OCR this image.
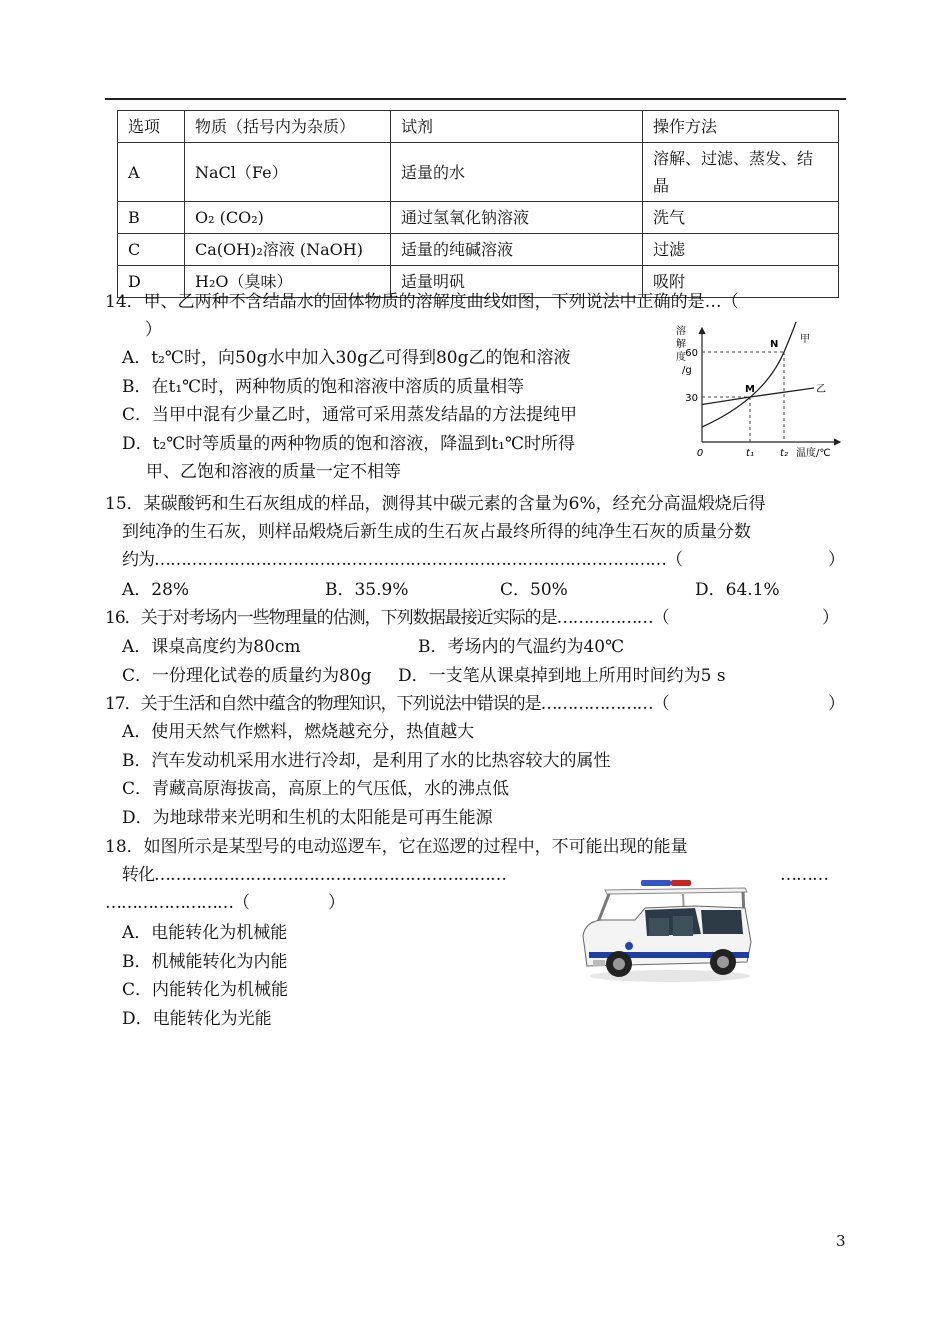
选项	物质（括号内为杂质）	试剂	操作方法
A	NaCl（Fe）	适量的水	溶解、过滤、蒸发、结晶
B	O₂ (CO₂)	通过氢氧化钠溶液	洗气
C	Ca(OH)₂溶液 (NaOH)	适量的纯碱溶液	过滤
D	H₂O（臭味）	适量明矾	吸附
14．甲、乙两种不含结晶水的固体物质的溶解度曲线如图，下列说法中正确的是…（
）
A．t₂℃时，向50g水中加入30g乙可得到80g乙的饱和溶液
B．在t₁℃时，两种物质的饱和溶液中溶质的质量相等
C．当甲中混有少量乙时，通常可采用蒸发结晶的方法提纯甲
D．t₂℃时等质量的两种物质的饱和溶液，降温到t₁℃时所得
甲、乙饱和溶液的质量一定不相等
30
60
t₁	t₂
0
甲
乙
M
N
溶
解
度
/g
温度/℃
15．某碳酸钙和生石灰组成的样品，测得其中碳元素的含量为6%，经充分高温煅烧后得
到纯净的生石灰，则样品煅烧后新生成的生石灰占最终所得的纯净生石灰的质量分数
约为……………………………………………………………………………………（	）
A．28%	B．35.9%	C．50%	D．64.1%
16．关于对考场内一些物理量的估测，下列数据最接近实际的是………………（	）
A．课桌高度约为80cm	B．考场内的气温约为40℃
C．一份理化试卷的质量约为80g D．一支笔从课桌掉到地上所用时间约为5 s
17．关于生活和自然中蕴含的物理知识，下列说法中错误的是…………………（	）
A．使用天然气作燃料，燃烧越充分，热值越大
B．汽车发动机采用水进行冷却，是利用了水的比热容较大的属性
C．青藏高原海拔高，高原上的气压低，水的沸点低
D．为地球带来光明和生机的太阳能是可再生能源
18．如图所示是某型号的电动巡逻车，它在巡逻的过程中，不可能出现的能量
转化…………………………………………………………	………
……………………（	）
A．电能转化为机械能
B．机械能转化为内能
C．内能转化为机械能
D．电能转化为光能
3
